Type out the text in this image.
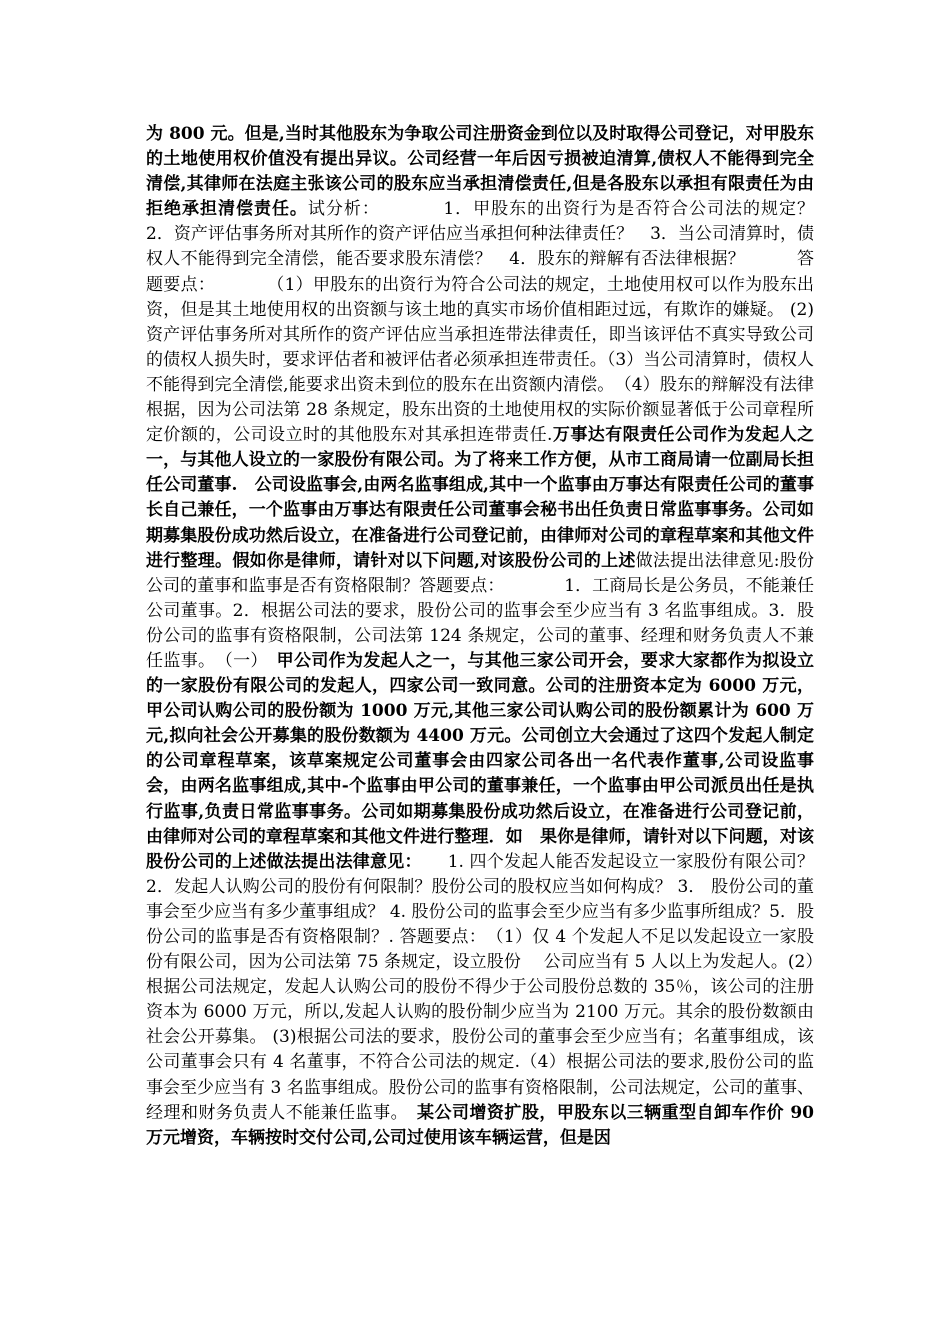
为 800 元。但是,当时其他股东为争取公司注册资金到位以及时取得公司登记，对甲股东的土地使用权价值没有提出异议。公司经营一年后因亏损被迫清算,债权人不能得到完全清偿,其律师在法庭主张该公司的股东应当承担清偿责任,但是各股东以承担有限责任为由拒绝承担清偿责任。试分析：　　　　1．甲股东的出资行为是否符合公司法的规定？　　　2．资产评估事务所对其所作的资产评估应当承担何种法律责任？　3．当公司清算时，债权人不能得到完全清偿，能否要求股东清偿？　4．股东的辩解有否法律根据？　　　答题要点：　　　　（1）甲股东的出资行为符合公司法的规定，土地使用权可以作为股东出资，但是其土地使用权的出资额与该土地的真实市场价值相距过远，有欺诈的嫌疑。 (2)资产评估事务所对其所作的资产评估应当承担连带法律责任，即当该评估不真实导致公司的债权人损失时，要求评估者和被评估者必须承担连带责任。（3）当公司清算时，债权人不能得到完全清偿,能要求出资未到位的股东在出资额内清偿。　（4）股东的辩解没有法律根据，因为公司法第 28 条规定，股东出资的土地使用权的实际价额显著低于公司章程所定价额的，公司设立时的其他股东对其承担连带责任.万事达有限责任公司作为发起人之一，与其他人设立的一家股份有限公司。为了将来工作方便，从市工商局请一位副局长担任公司董事.　公司设监事会,由两名监事组成,其中一个监事由万事达有限责任公司的董事长自己兼任，一个监事由万事达有限责任公司董事会秘书出任负责日常监事事务。公司如期募集股份成功然后设立，在准备进行公司登记前，由律师对公司的章程草案和其他文件进行整理。假如你是律师，请针对以下问题,对该股份公司的上述做法提出法律意见:股份公司的董事和监事是否有资格限制？答题要点：　　　　1．工商局长是公务员，不能兼任公司董事。2．根据公司法的要求，股份公司的监事会至少应当有 3 名监事组成。3．股份公司的监事有资格限制，公司法第 124 条规定，公司的董事、经理和财务负责人不兼任监事。　（一）　甲公司作为发起人之一，与其他三家公司开会，要求大家都作为拟设立的一家股份有限公司的发起人，四家公司一致同意。公司的注册资本定为 6000 万元，甲公司认购公司的股份额为 1000 万元,其他三家公司认购公司的股份额累计为 600 万元,拟向社会公开募集的股份数额为 4400 万元。公司创立大会通过了这四个发起人制定的公司章程草案，该草案规定公司董事会由四家公司各出一名代表作董事,公司设监事会，由两名监事组成,其中-个监事由甲公司的董事兼任，一个监事由甲公司派员出任是执行监事,负责日常监事事务。公司如期募集股份成功然后设立，在准备进行公司登记前，由律师对公司的章程草案和其他文件进行整理．如　果你是律师，请针对以下问题，对该股份公司的上述做法提出法律意见：　　1. 四个发起人能否发起设立一家股份有限公司？ 2．发起人认购公司的股份有何限制？股份公司的股权应当如何构成？ 3． 股份公司的董事会至少应当有多少董事组成？ 4. 股份公司的监事会至少应当有多少监事所组成？5．股份公司的监事是否有资格限制？. 答题要点：　（1）仅 4 个发起人不足以发起设立一家股份有限公司，因为公司法第 75 条规定，设立股份　 公司应当有 5 人以上为发起人。(2）根据公司法规定，发起人认购公司的股份不得少于公司股份总数的 35％，该公司的注册资本为 6000 万元，所以,发起人认购的股份制少应当为 2100 万元。其余的股份数额由社会公开募集。 (3)根据公司法的要求，股份公司的董事会至少应当有；名董事组成，该公司董事会只有 4 名董事，不符合公司法的规定.（4）根据公司法的要求,股份公司的监事会至少应当有 3 名监事组成。股份公司的监事有资格限制，公司法规定，公司的董事、经理和财务负责人不能兼任监事。　某公司增资扩股，甲股东以三辆重型自卸车作价 90 万元增资，车辆按时交付公司,公司过使用该车辆运营，但是因
